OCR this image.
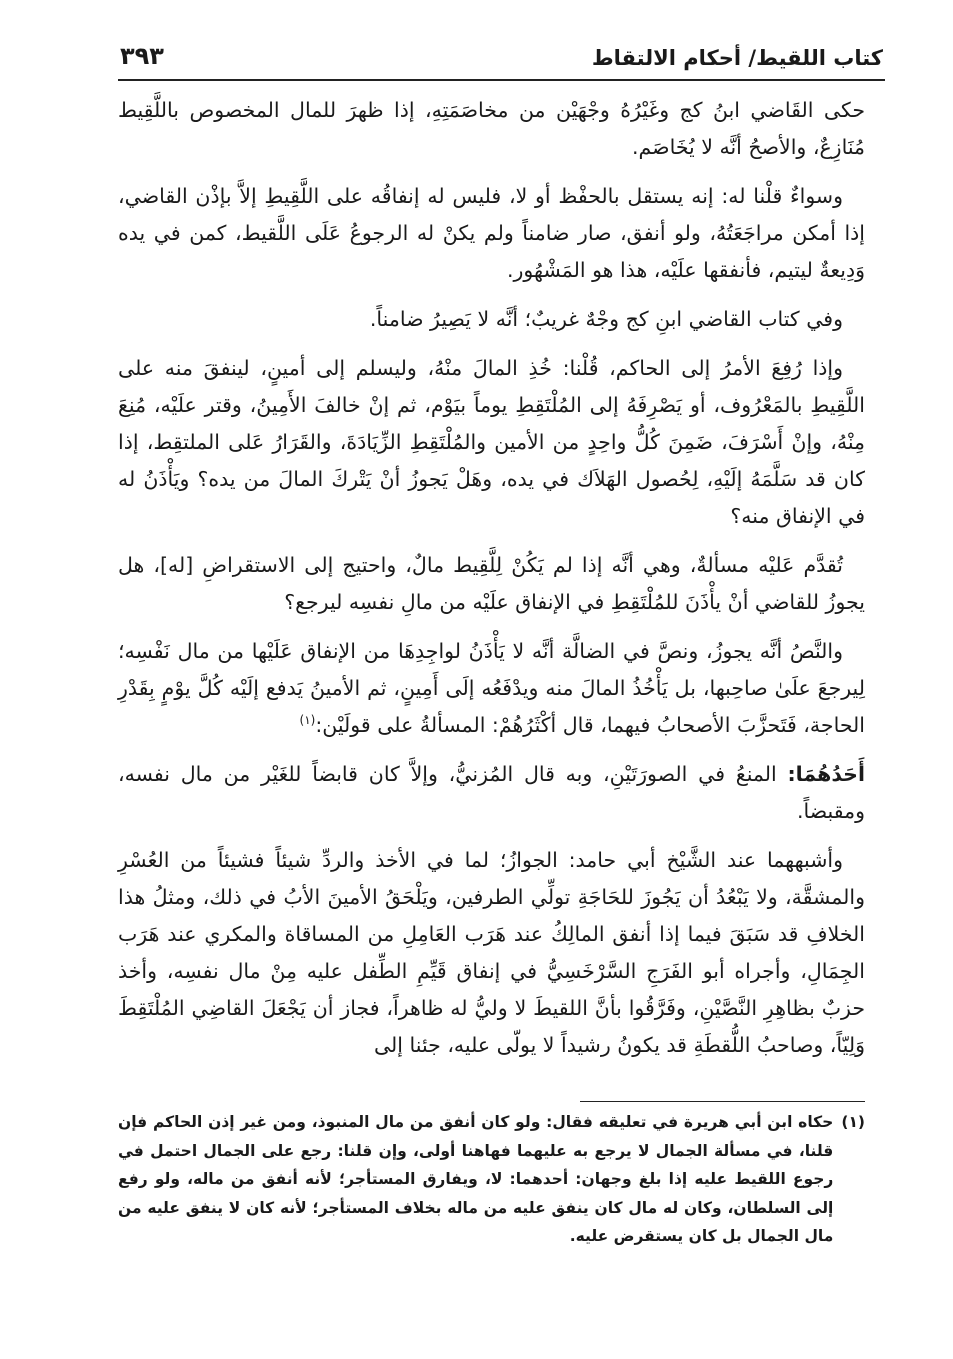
كتاب اللقيط/ أحكام الالتقاط
٣٩٣

حكى القَاضي ابنُ كج وغَيْرُهُ وجْهَيْن من مخاصَمَتِهِ، إذا ظهرَ للمال المخصوص باللَّقِيط مُنَازِعٌ، والأصحُ أنَّه لا يُخَاصَم.

وسواءٌ قلْنا له: إنه يستقل بالحفْظ أو لا، فليس له إنفاقُه على اللَّقِيطِ إلاَّ بإذْن القاضي، إذا أمكن مراجَعَتُهُ، ولو أنفق، صار ضامناً ولم يكنْ له الرجوعُ عَلَى اللَّقيط، كمن في يده وَدِيعةٌ ليتيم، فأنفقها علَيْه، هذا هو المَشْهُور.

وفي كتاب القاضي ابنِ كج وجْهٌ غريبٌ؛ أنَّه لا يَصِيرُ ضامناً.

وإذا رُفِعَ الأمرُ إلى الحاكم، قُلْنا: خُذِ المالَ منْهُ، وليسلم إلى أمينٍ، لينفقَ منه على اللَّقِيطِ بالمَعْرُوف، أو يَصْرِفَهُ إلى المُلْتَقِطِ يوماً بيَوْم، ثم إنْ خالفَ الأَمِينُ، وقتر علَيْه، مُنِعَ مِنْهُ، وإنْ أَسْرَفَ، ضَمِنَ كُلُّ واحِدٍ من الأمين والمُلْتَقِطِ الزِّيَادَةَ، والقَرَارُ عَلى الملتقِط، إذا كان قد سَلَّمَهُ إلَيْهِ، لِحُصول الهَلاَك في يده، وهَلْ يَجوزُ أنْ يَتْركَ المالَ من يده؟ ويَأْذَنُ له في الإنفاق منه؟

تُقدَّم عَليْه مسألةٌ، وهي أنَّه إذا لم يَكُنْ لِلَّقِيط مالٌ، واحتيج إلى الاستقراضِ [له]، هل يجوزُ للقاضي أنْ يأْذَنَ للمُلْتَقِطِ في الإنفاق علَيْه من مالِ نفسِه ليرجع؟

والنَّصُ أنَّه يجوزُ، ونصَّ في الضالَّة أنَّه لا يَأْذَنُ لواجِدِهَا من الإنفاق عَلَيْها من مال نَفْسِه؛ لِيرجعَ علَىٰ صاحِبها، بل يَأْخُذُ المالَ منه ويدْفَعُه إلَى أَمِينٍ، ثم الأمينُ يَدفع إلَيْه كُلَّ يوْمٍ بِقَدْرِ الحاجة، فَتَحزَّبَ الأصحابُ فيهما، قال أكْثَرُهُمْ: المسألةُ على قولَيْن:$^{(١)}$

أَحَدُهُمَا: المنعُ في الصورَتَيْنِ، وبه قال المُزنيُّ، وإلاَّ كان قابضاً للغَيْر من مال نفسه، ومقبضاً.

وأشبههما عند الشَّيْخ أبي حامد: الجوازُ؛ لما في الأخذ والردِّ شيئاً فشيئاً من العُسْرِ والمشقَّة، ولا يَبْعُدُ أن يَجُوزَ للحَاجَةِ تولِّي الطرفين، ويَلْحَقُ الأمينَ الأبُ في ذلك، ومثلُ هذا الخلافِ قد سَبَقَ فيما إذا أنفق المالِكُ عند هَرَب العَامِلِ من المساقاة والمكري عند هَرَب الجِمَالِ، وأجراه أبو الفَرَجِ السَّرْخَسِيُّ في إنفاق قَيِّمِ الطِّفل عليه مِنْ مال نفسِه، وأخذ حزبٌ بظاهِرِ النَّصَّيْنِ، وفَرَّقُوا بأنَّ اللقيطَ لا وليُّ له ظاهراً، فجاز أن يَجْعَلَ القاضِي المُلْتَقِطَ وَلِيّاً، وصاحبُ اللُّقطَةِ قد يكونُ رشيداً لا يولّى عليه، جئنا إلى

(١)
حكاه ابن أبي هريرة في تعليقه فقال: ولو كان أنفق من مال المنبوذ، ومن غير إذن الحاكم فإن قلنا، في مسألة الجمال لا يرجع به عليهما فهاهنا أولى، وإن قلنا: رجع على الجمال احتمل في رجوع اللقيط عليه إذا بلغ وجهان: أحدهما: لا، ويفارق المستأجر؛ لأنه أنفق من ماله، ولو رفع إلى السلطان، وكان له مال كان ينفق عليه من ماله بخلاف المستأجر؛ لأنه كان لا ينفق عليه من مال الجمال بل كان يستقرض عليه.
